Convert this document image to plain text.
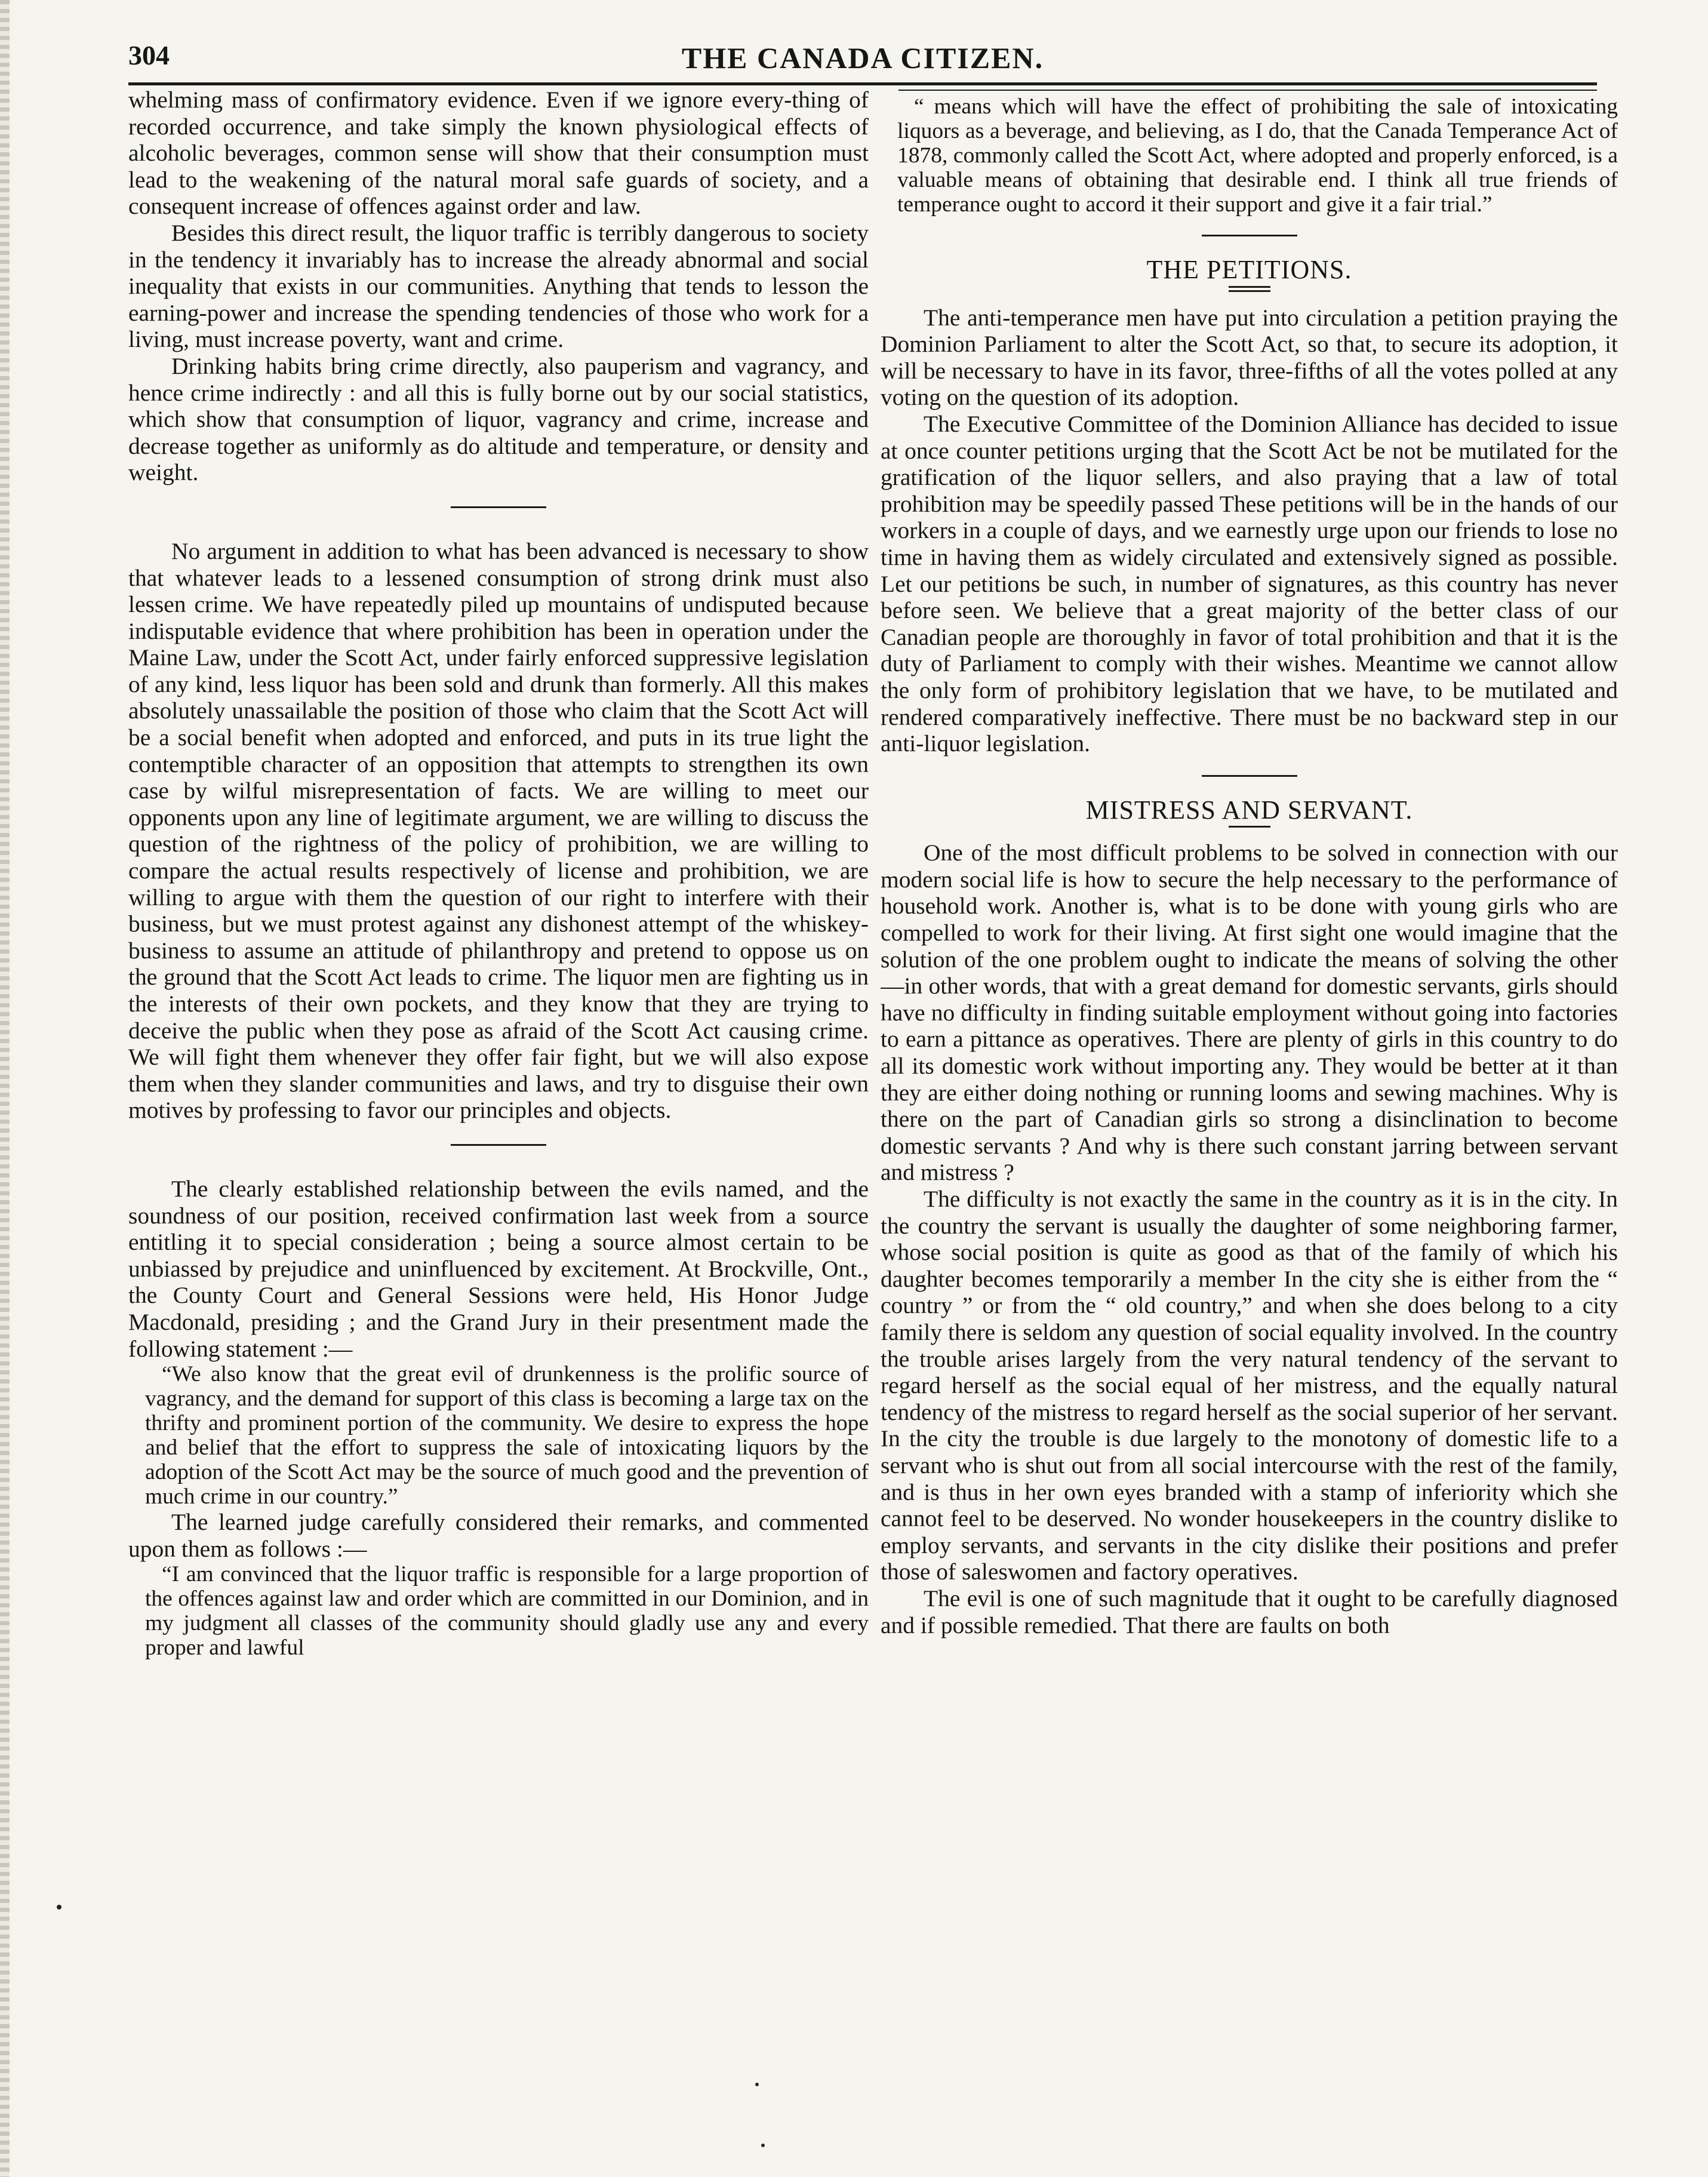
304	THE CANADA CITIZEN.

whelming mass of confirmatory evidence. Even if we ignore every-thing of recorded occurrence, and take simply the known physiological effects of alcoholic beverages, common sense will show that their consumption must lead to the weakening of the natural moral safe guards of society, and a consequent increase of offences against order and law.

Besides this direct result, the liquor traffic is terribly dangerous to society in the tendency it invariably has to increase the already abnormal and social inequality that exists in our communities. Anything that tends to lesson the earning-power and increase the spending tendencies of those who work for a living, must increase poverty, want and crime.

Drinking habits bring crime directly, also pauperism and vagrancy, and hence crime indirectly : and all this is fully borne out by our social statistics, which show that consumption of liquor, vagrancy and crime, increase and decrease together as uniformly as do altitude and temperature, or density and weight.

No argument in addition to what has been advanced is necessary to show that whatever leads to a lessened consumption of strong drink must also lessen crime. We have repeatedly piled up mountains of undisputed because indisputable evidence that where prohibition has been in operation under the Maine Law, under the Scott Act, under fairly enforced suppressive legislation of any kind, less liquor has been sold and drunk than formerly. All this makes absolutely unassailable the position of those who claim that the Scott Act will be a social benefit when adopted and enforced, and puts in its true light the contemptible character of an opposition that attempts to strengthen its own case by wilful misrepresentation of facts. We are willing to meet our opponents upon any line of legitimate argument, we are willing to discuss the question of the rightness of the policy of prohibition, we are willing to compare the actual results respectively of license and prohibition, we are willing to argue with them the question of our right to interfere with their business, but we must protest against any dishonest attempt of the whiskey-business to assume an attitude of philanthropy and pretend to oppose us on the ground that the Scott Act leads to crime. The liquor men are fighting us in the interests of their own pockets, and they know that they are trying to deceive the public when they pose as afraid of the Scott Act causing crime. We will fight them whenever they offer fair fight, but we will also expose them when they slander communities and laws, and try to disguise their own motives by professing to favor our principles and objects.

The clearly established relationship between the evils named, and the soundness of our position, received confirmation last week from a source entitling it to special consideration ; being a source almost certain to be unbiassed by prejudice and uninfluenced by excitement. At Brockville, Ont., the County Court and General Sessions were held, His Honor Judge Macdonald, presiding ; and the Grand Jury in their presentment made the following statement :—

“We also know that the great evil of drunkenness is the prolific source of vagrancy, and the demand for support of this class is becoming a large tax on the thrifty and prominent portion of the community. We desire to express the hope and belief that the effort to suppress the sale of intoxicating liquors by the adoption of the Scott Act may be the source of much good and the prevention of much crime in our country.”

The learned judge carefully considered their remarks, and commented upon them as follows :—

“I am convinced that the liquor traffic is responsible for a large proportion of the offences against law and order which are committed in our Dominion, and in my judgment all classes of the community should gladly use any and every proper and lawful

“ means which will have the effect of prohibiting the sale of intoxicating liquors as a beverage, and believing, as I do, that the Canada Temperance Act of 1878, commonly called the Scott Act, where adopted and properly enforced, is a valuable means of obtaining that desirable end. I think all true friends of temperance ought to accord it their support and give it a fair trial.”

THE PETITIONS.

The anti-temperance men have put into circulation a petition praying the Dominion Parliament to alter the Scott Act, so that, to secure its adoption, it will be necessary to have in its favor, three-fifths of all the votes polled at any voting on the question of its adoption.

The Executive Committee of the Dominion Alliance has decided to issue at once counter petitions urging that the Scott Act be not be mutilated for the gratification of the liquor sellers, and also praying that a law of total prohibition may be speedily passed These petitions will be in the hands of our workers in a couple of days, and we earnestly urge upon our friends to lose no time in having them as widely circulated and extensively signed as possible. Let our petitions be such, in number of signatures, as this country has never before seen. We believe that a great majority of the better class of our Canadian people are thoroughly in favor of total prohibition and that it is the duty of Parliament to comply with their wishes. Meantime we cannot allow the only form of prohibitory legislation that we have, to be mutilated and rendered comparatively ineffective. There must be no backward step in our anti-liquor legislation.

MISTRESS AND SERVANT.

One of the most difficult problems to be solved in connection with our modern social life is how to secure the help necessary to the performance of household work. Another is, what is to be done with young girls who are compelled to work for their living. At first sight one would imagine that the solution of the one problem ought to indicate the means of solving the other—in other words, that with a great demand for domestic servants, girls should have no difficulty in finding suitable employment without going into factories to earn a pittance as operatives. There are plenty of girls in this country to do all its domestic work without importing any. They would be better at it than they are either doing nothing or running looms and sewing machines. Why is there on the part of Canadian girls so strong a disinclination to become domestic servants ? And why is there such constant jarring between servant and mistress ?

The difficulty is not exactly the same in the country as it is in the city. In the country the servant is usually the daughter of some neighboring farmer, whose social position is quite as good as that of the family of which his daughter becomes temporarily a member In the city she is either from the “ country ” or from the “ old country,” and when she does belong to a city family there is seldom any question of social equality involved. In the country the trouble arises largely from the very natural tendency of the servant to regard herself as the social equal of her mistress, and the equally natural tendency of the mistress to regard herself as the social superior of her servant. In the city the trouble is due largely to the monotony of domestic life to a servant who is shut out from all social intercourse with the rest of the family, and is thus in her own eyes branded with a stamp of inferiority which she cannot feel to be deserved. No wonder housekeepers in the country dislike to employ servants, and servants in the city dislike their positions and prefer those of saleswomen and factory operatives.

The evil is one of such magnitude that it ought to be carefully diagnosed and if possible remedied. That there are faults on both
